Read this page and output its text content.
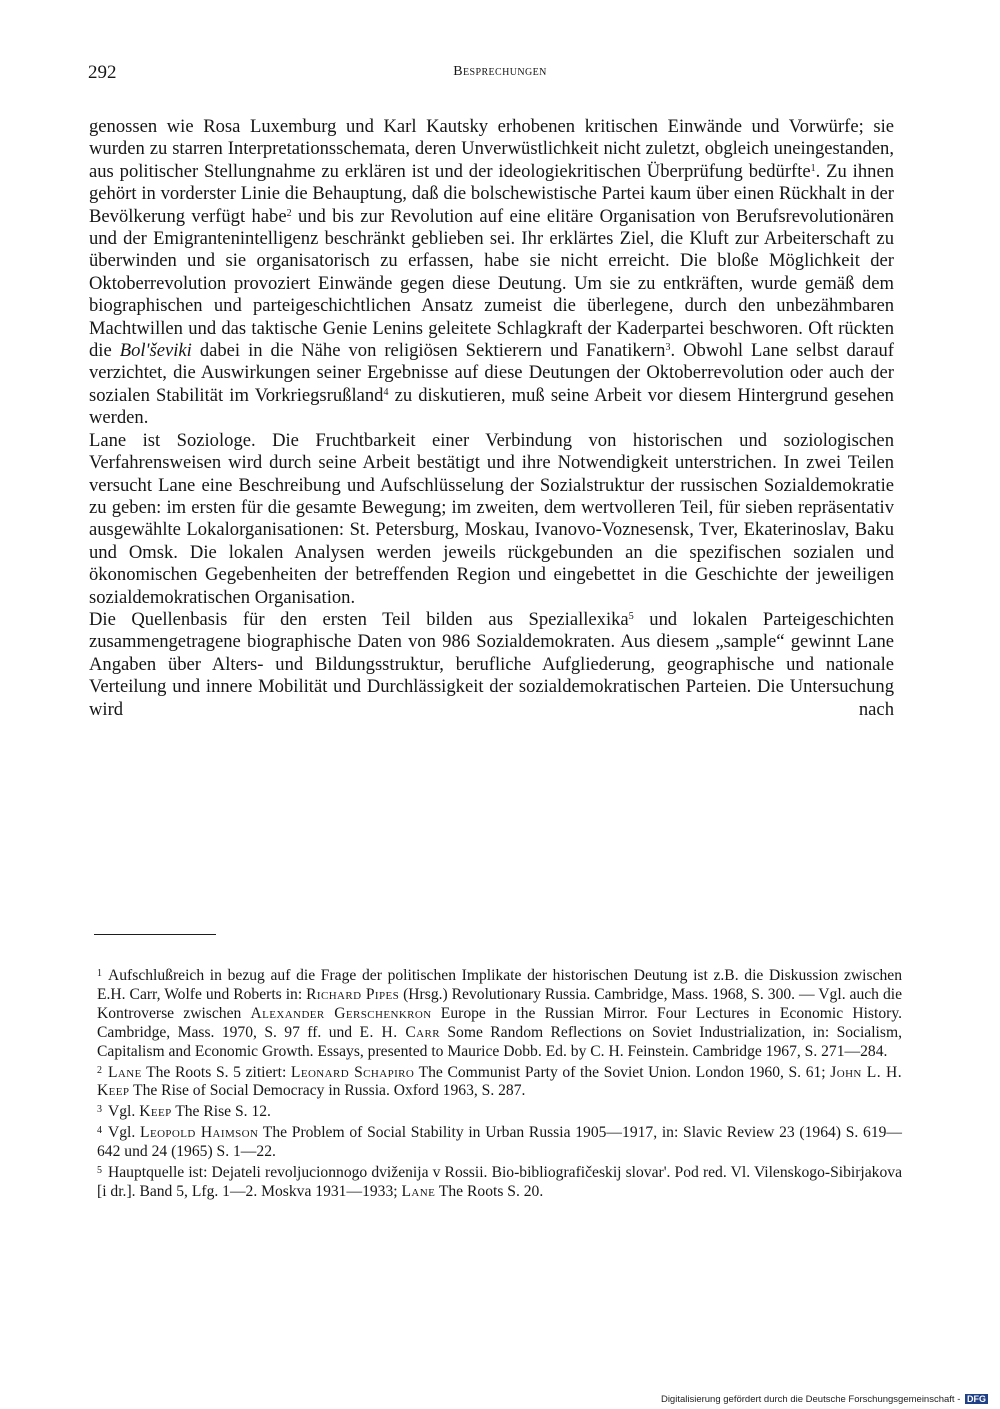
292	Besprechungen

genossen wie Rosa Luxemburg und Karl Kautsky erhobenen kritischen Einwände und Vorwürfe; sie wurden zu starren Interpretationsschemata, deren Unverwüstlichkeit nicht zuletzt, obgleich uneingestanden, aus politischer Stellungnahme zu erklären ist und der ideologiekritischen Überprüfung bedürfte$^1$. Zu ihnen gehört in vorderster Linie die Behauptung, daß die bolschewistische Partei kaum über einen Rückhalt in der Bevölkerung verfügt habe$^2$ und bis zur Revolution auf eine elitäre Organisation von Berufsrevolutionären und der Emigrantenintelligenz beschränkt geblieben sei. Ihr erklärtes Ziel, die Kluft zur Arbeiterschaft zu überwinden und sie organisatorisch zu erfassen, habe sie nicht erreicht. Die bloße Möglichkeit der Oktoberrevolution provoziert Einwände gegen diese Deutung. Um sie zu entkräften, wurde gemäß dem biographischen und parteigeschichtlichen Ansatz zumeist die überlegene, durch den unbezähmbaren Machtwillen und das taktische Genie Lenins geleitete Schlagkraft der Kaderpartei beschworen. Oft rückten die Bol'ševiki dabei in die Nähe von religiösen Sektierern und Fanatikern$^3$. Obwohl Lane selbst darauf verzichtet, die Auswirkungen seiner Ergebnisse auf diese Deutungen der Oktoberrevolution oder auch der sozialen Stabilität im Vorkriegsrußland$^4$ zu diskutieren, muß seine Arbeit vor diesem Hintergrund gesehen werden.

Lane ist Soziologe. Die Fruchtbarkeit einer Verbindung von historischen und soziologischen Verfahrensweisen wird durch seine Arbeit bestätigt und ihre Notwendigkeit unterstrichen. In zwei Teilen versucht Lane eine Beschreibung und Aufschlüsselung der Sozialstruktur der russischen Sozialdemokratie zu geben: im ersten für die gesamte Bewegung; im zweiten, dem wertvolleren Teil, für sieben repräsentativ ausgewählte Lokalorganisationen: St. Petersburg, Moskau, Ivanovo-Voznesensk, Tver, Ekaterinoslav, Baku und Omsk. Die lokalen Analysen werden jeweils rückgebunden an die spezifischen sozialen und ökonomischen Gegebenheiten der betreffenden Region und eingebettet in die Geschichte der jeweiligen sozialdemokratischen Organisation.

Die Quellenbasis für den ersten Teil bilden aus Speziallexika$^5$ und lokalen Parteigeschichten zusammengetragene biographische Daten von 986 Sozialdemokraten. Aus diesem „sample“ gewinnt Lane Angaben über Alters- und Bildungsstruktur, berufliche Aufgliederung, geographische und nationale Verteilung und innere Mobilität und Durchlässigkeit der sozialdemokratischen Parteien. Die Untersuchung wird nach

$^1$ Aufschlußreich in bezug auf die Frage der politischen Implikate der historischen Deutung ist z.B. die Diskussion zwischen E.H. Carr, Wolfe und Roberts in: Richard Pipes (Hrsg.) Revolutionary Russia. Cambridge, Mass. 1968, S. 300. — Vgl. auch die Kontroverse zwischen Alexander Gerschenkron Europe in the Russian Mirror. Four Lectures in Economic History. Cambridge, Mass. 1970, S. 97 ff. und E. H. Carr Some Random Reflections on Soviet Industrialization, in: Socialism, Capitalism and Economic Growth. Essays, presented to Maurice Dobb. Ed. by C. H. Feinstein. Cambridge 1967, S. 271—284.
$^2$ Lane The Roots S. 5 zitiert: Leonard Schapiro The Communist Party of the Soviet Union. London 1960, S. 61; John L. H. Keep The Rise of Social Democracy in Russia. Oxford 1963, S. 287.
$^3$ Vgl. Keep The Rise S. 12.
$^4$ Vgl. Leopold Haimson The Problem of Social Stability in Urban Russia 1905—1917, in: Slavic Review 23 (1964) S. 619—642 und 24 (1965) S. 1—22.
$^5$ Hauptquelle ist: Dejateli revoljucionnogo dviženija v Rossii. Bio-bibliografičeskij slovar'. Pod red. Vl. Vilenskogo-Sibirjakova [i dr.]. Band 5, Lfg. 1—2. Moskva 1931—1933; Lane The Roots S. 20.
Digitalisierung gefördert durch die Deutsche Forschungsgemeinschaft - DFG
